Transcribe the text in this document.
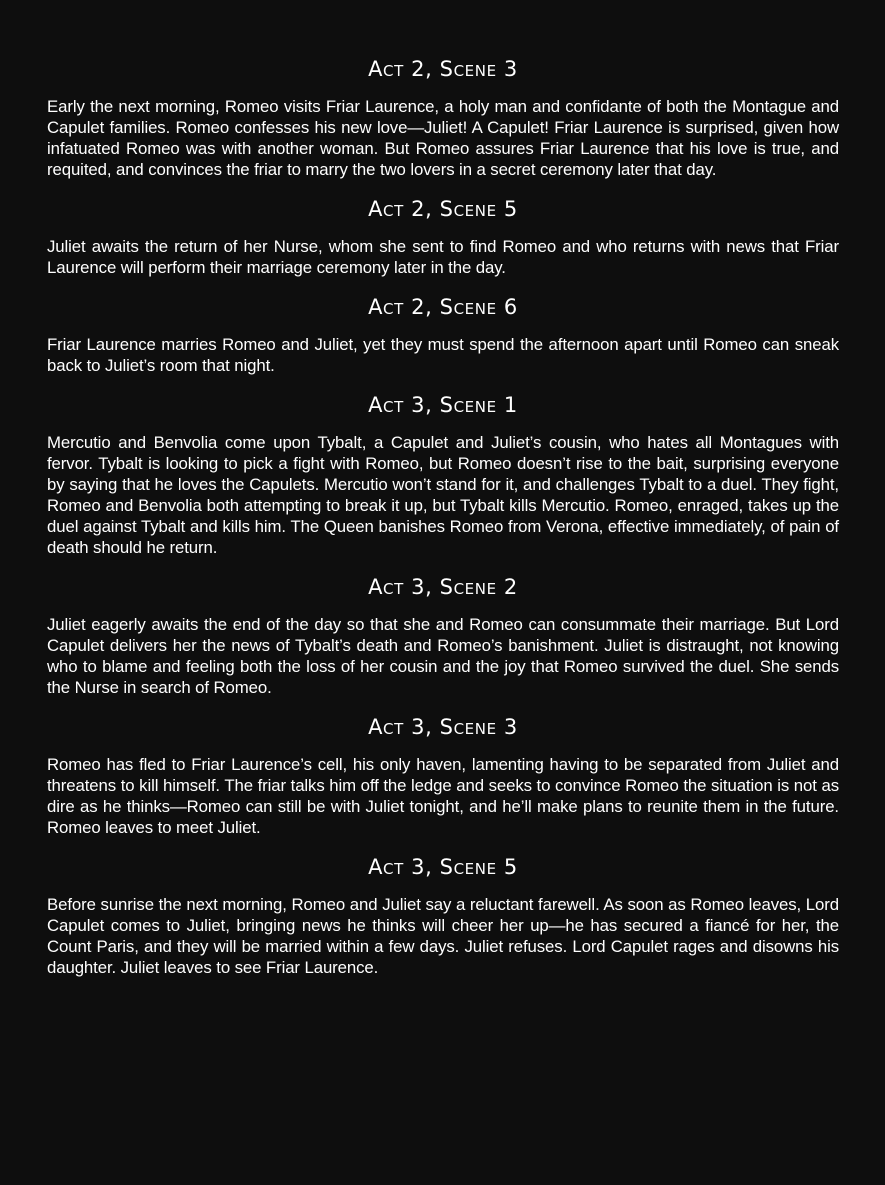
Act 2, Scene 3

Early the next morning, Romeo visits Friar Laurence, a holy man and confidante of both the Montague and Capulet families. Romeo confesses his new love—Juliet! A Capulet! Friar Laurence is surprised, given how infatuated Romeo was with another woman. But Romeo assures Friar Laurence that his love is true, and requited, and convinces the friar to marry the two lovers in a secret ceremony later that day.

Act 2, Scene 5

Juliet awaits the return of her Nurse, whom she sent to find Romeo and who returns with news that Friar Laurence will perform their marriage ceremony later in the day.

Act 2, Scene 6

Friar Laurence marries Romeo and Juliet, yet they must spend the afternoon apart until Romeo can sneak back to Juliet’s room that night.

Act 3, Scene 1

Mercutio and Benvolia come upon Tybalt, a Capulet and Juliet’s cousin, who hates all Montagues with fervor. Tybalt is looking to pick a fight with Romeo, but Romeo doesn’t rise to the bait, surprising everyone by saying that he loves the Capulets. Mercutio won’t stand for it, and challenges Tybalt to a duel. They fight, Romeo and Benvolia both attempting to break it up, but Tybalt kills Mercutio. Romeo, enraged, takes up the duel against Tybalt and kills him. The Queen banishes Romeo from Verona, effective immediately, of pain of death should he return.

Act 3, Scene 2

Juliet eagerly awaits the end of the day so that she and Romeo can consummate their marriage. But Lord Capulet delivers her the news of Tybalt’s death and Romeo’s banishment. Juliet is distraught, not knowing who to blame and feeling both the loss of her cousin and the joy that Romeo survived the duel. She sends the Nurse in search of Romeo.

Act 3, Scene 3

Romeo has fled to Friar Laurence’s cell, his only haven, lamenting having to be separated from Juliet and threatens to kill himself. The friar talks him off the ledge and seeks to convince Romeo the situation is not as dire as he thinks—Romeo can still be with Juliet tonight, and he’ll make plans to reunite them in the future. Romeo leaves to meet Juliet.

Act 3, Scene 5

Before sunrise the next morning, Romeo and Juliet say a reluctant farewell. As soon as Romeo leaves, Lord Capulet comes to Juliet, bringing news he thinks will cheer her up—he has secured a fiancé for her, the Count Paris, and they will be married within a few days. Juliet refuses. Lord Capulet rages and disowns his daughter. Juliet leaves to see Friar Laurence.
